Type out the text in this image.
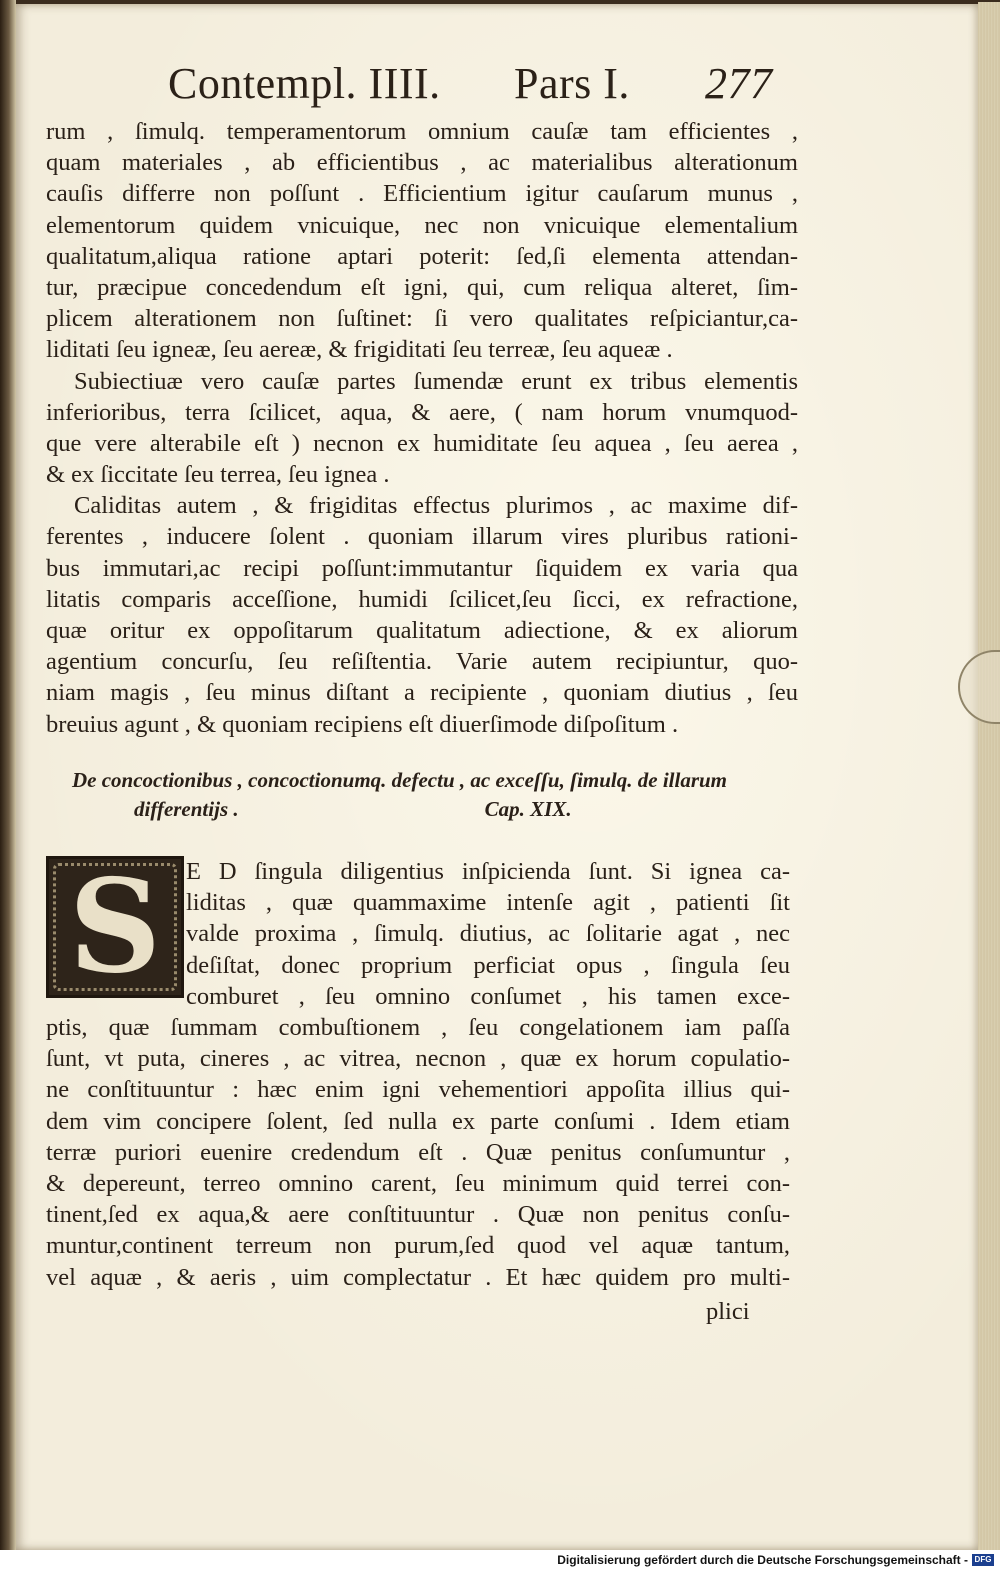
Contempl. IIII. Pars I. 277
rum , ſimulq. temperamentorum omnium cauſæ tam efficientes ,
quam materiales , ab efficientibus , ac materialibus alterationum
cauſis differre non poſſunt . Efficientium igitur cauſarum munus ,
elementorum quidem vnicuique, nec non vnicuique elementalium
qualitatum,aliqua ratione aptari poterit: ſed,ſi elementa attendan-
tur, præcipue concedendum eſt igni, qui, cum reliqua alteret, ſim-
plicem alterationem non ſuſtinet: ſi vero qualitates reſpiciantur,ca-
liditati ſeu igneæ, ſeu aereæ, & frigiditati ſeu terreæ, ſeu aqueæ .
Subiectiuæ vero cauſæ partes ſumendæ erunt ex tribus elementis
inferioribus, terra ſcilicet, aqua, & aere, ( nam horum vnumquod-
que vere alterabile eſt ) necnon ex humiditate ſeu aquea , ſeu aerea ,
& ex ſiccitate ſeu terrea, ſeu ignea .
Caliditas autem , & frigiditas effectus plurimos , ac maxime dif-
ferentes , inducere ſolent . quoniam illarum vires pluribus rationi-
bus immutari,ac recipi poſſunt:immutantur ſiquidem ex varia qua
litatis comparis acceſſione, humidi ſcilicet,ſeu ſicci, ex refractione,
quæ oritur ex oppoſitarum qualitatum adiectione, & ex aliorum
agentium concurſu, ſeu reſiſtentia. Varie autem recipiuntur, quo-
niam magis , ſeu minus diſtant a recipiente , quoniam diutius , ſeu
breuius agunt , & quoniam recipiens eſt diuerſimode diſpoſitum .
De concoctionibus , concoctionumq. defectu , ac exceſſu, ſimulq. de illarum
differentijs .	Cap. XIX.
S	E D ſingula diligentius inſpicienda ſunt. Si ignea ca-
liditas , quæ quammaxime intenſe agit , patienti ſit
valde proxima , ſimulq. diutius, ac ſolitarie agat , nec
deſiſtat, donec proprium perficiat opus , ſingula ſeu
comburet , ſeu omnino conſumet , his tamen exce-
ptis, quæ ſummam combuſtionem , ſeu congelationem iam paſſa
ſunt, vt puta, cineres , ac vitrea, necnon , quæ ex horum copulatio-
ne conſtituuntur : hæc enim igni vehementiori appoſita illius qui-
dem vim concipere ſolent, ſed nulla ex parte conſumi . Idem etiam
terræ puriori euenire credendum eſt . Quæ penitus conſumuntur ,
& depereunt, terreo omnino carent, ſeu minimum quid terrei con-
tinent,ſed ex aqua,& aere conſtituuntur . Quæ non penitus conſu-
muntur,continent terreum non purum,ſed quod vel aquæ tantum,
vel aquæ , & aeris , uim complectatur . Et hæc quidem pro multi-
plici
Digitalisierung gefördert durch die Deutsche Forschungsgemeinschaft - DFG
